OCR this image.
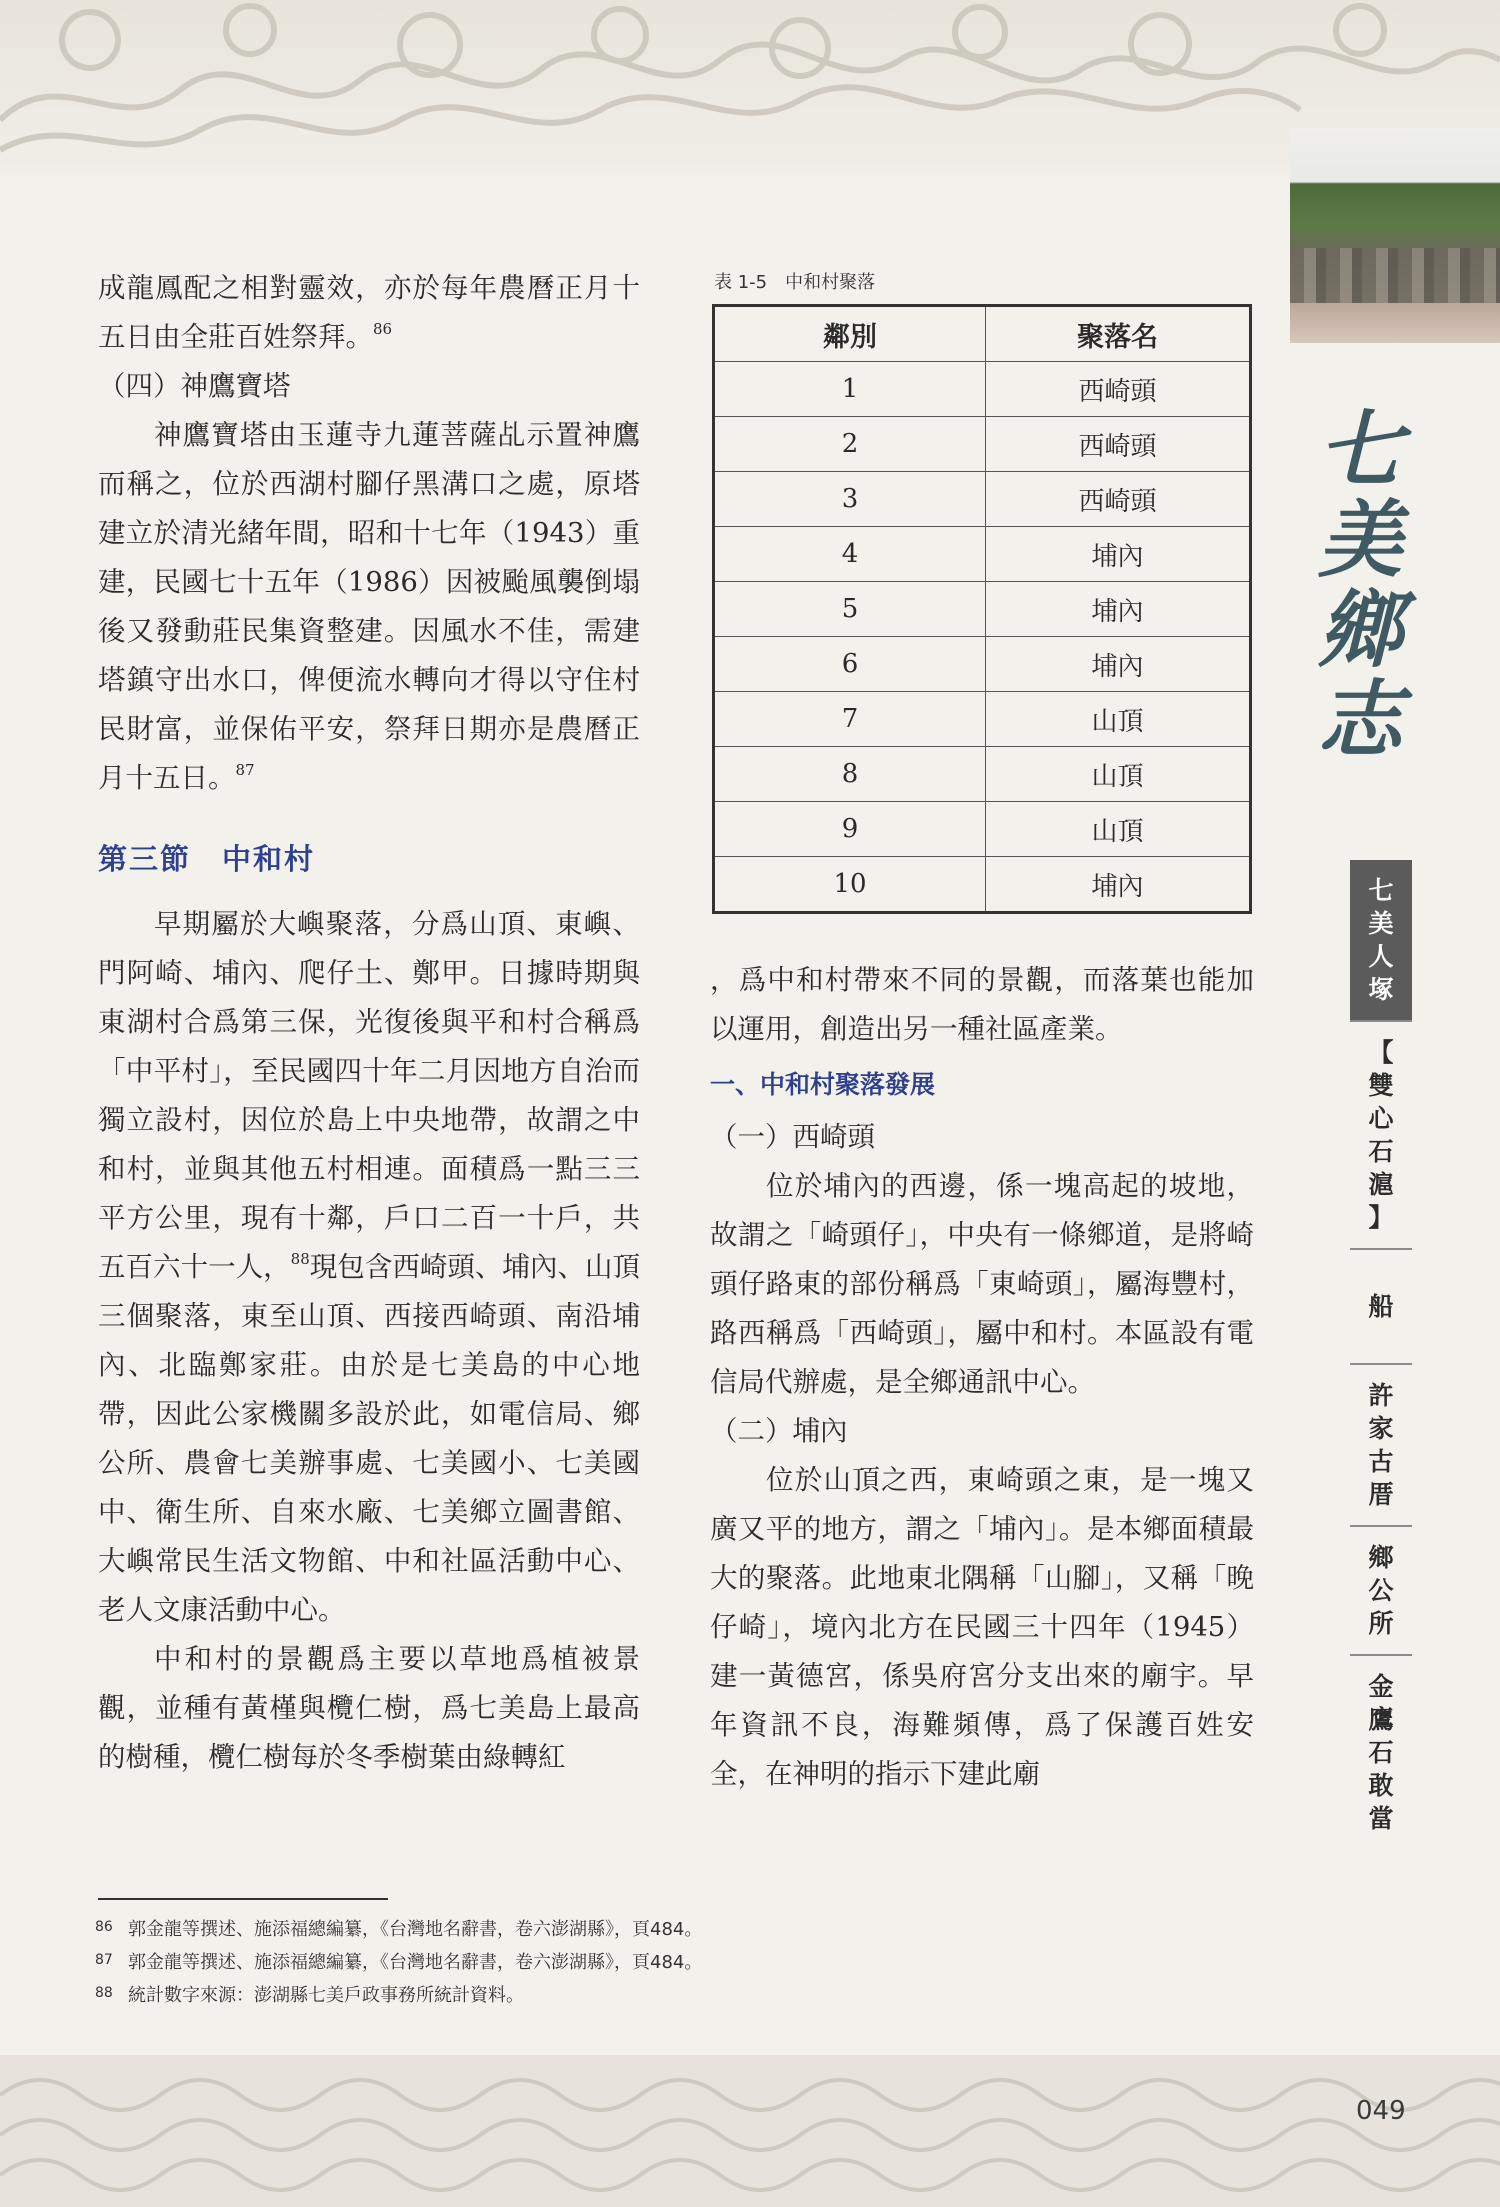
七
美
鄉
志
七
美
人
塚
【
雙
心
石
滬
】
船
許
家
古
厝
鄉
公
所
金
鷹
石
敢
當

成龍鳳配之相對靈效，亦於每年農曆正月十五日由全莊百姓祭拜。$^{86}$

（四）神鷹寶塔

神鷹寶塔由玉蓮寺九蓮菩薩乩示置神鷹而稱之，位於西湖村腳仔黑溝口之處，原塔建立於清光緒年間，昭和十七年（1943）重建，民國七十五年（1986）因被颱風襲倒塌後又發動莊民集資整建。因風水不佳，需建塔鎮守出水口，俾便流水轉向才得以守住村民財富，並保佑平安，祭拜日期亦是農曆正月十五日。$^{87}$

第三節　中和村

早期屬於大嶼聚落，分爲山頂、東嶼、門阿崎、埔內、爬仔土、鄭甲。日據時期與東湖村合爲第三保，光復後與平和村合稱爲「中平村」，至民國四十年二月因地方自治而獨立設村，因位於島上中央地帶，故謂之中和村，並與其他五村相連。面積爲一點三三平方公里，現有十鄰，戶口二百一十戶，共五百六十一人，$^{88}$現包含西崎頭、埔內、山頂三個聚落，東至山頂、西接西崎頭、南沿埔內、北臨鄭家莊。由於是七美島的中心地帶，因此公家機關多設於此，如電信局、鄉公所、農會七美辦事處、七美國小、七美國中、衛生所、自來水廠、七美鄉立圖書館、大嶼常民生活文物館、中和社區活動中心、老人文康活動中心。

中和村的景觀爲主要以草地爲植被景觀，並種有黃槿與欖仁樹，爲七美島上最高的樹種，欖仁樹每於冬季樹葉由綠轉紅

表 1-5　中和村聚落
鄰別	聚落名
1	西崎頭
2	西崎頭
3	西崎頭
4	埔內
5	埔內
6	埔內
7	山頂
8	山頂
9	山頂
10	埔內

，爲中和村帶來不同的景觀，而落葉也能加以運用，創造出另一種社區產業。

一、中和村聚落發展

（一）西崎頭

位於埔內的西邊，係一塊高起的坡地，故謂之「崎頭仔」，中央有一條鄉道，是將崎頭仔路東的部份稱爲「東崎頭」，屬海豐村，路西稱爲「西崎頭」，屬中和村。本區設有電信局代辦處，是全鄉通訊中心。

（二）埔內

位於山頂之西，東崎頭之東，是一塊又廣又平的地方，謂之「埔內」。是本鄉面積最大的聚落。此地東北隅稱「山腳」，又稱「晚仔崎」，境內北方在民國三十四年（1945）建一黃德宮，係吳府宮分支出來的廟宇。早年資訊不良，海難頻傳，爲了保護百姓安全，在神明的指示下建此廟

86 郭金龍等撰述、施添福總編纂，《台灣地名辭書，卷六澎湖縣》，頁484。
87 郭金龍等撰述、施添福總編纂，《台灣地名辭書，卷六澎湖縣》，頁484。
88 統計數字來源：澎湖縣七美戶政事務所統計資料。
049
